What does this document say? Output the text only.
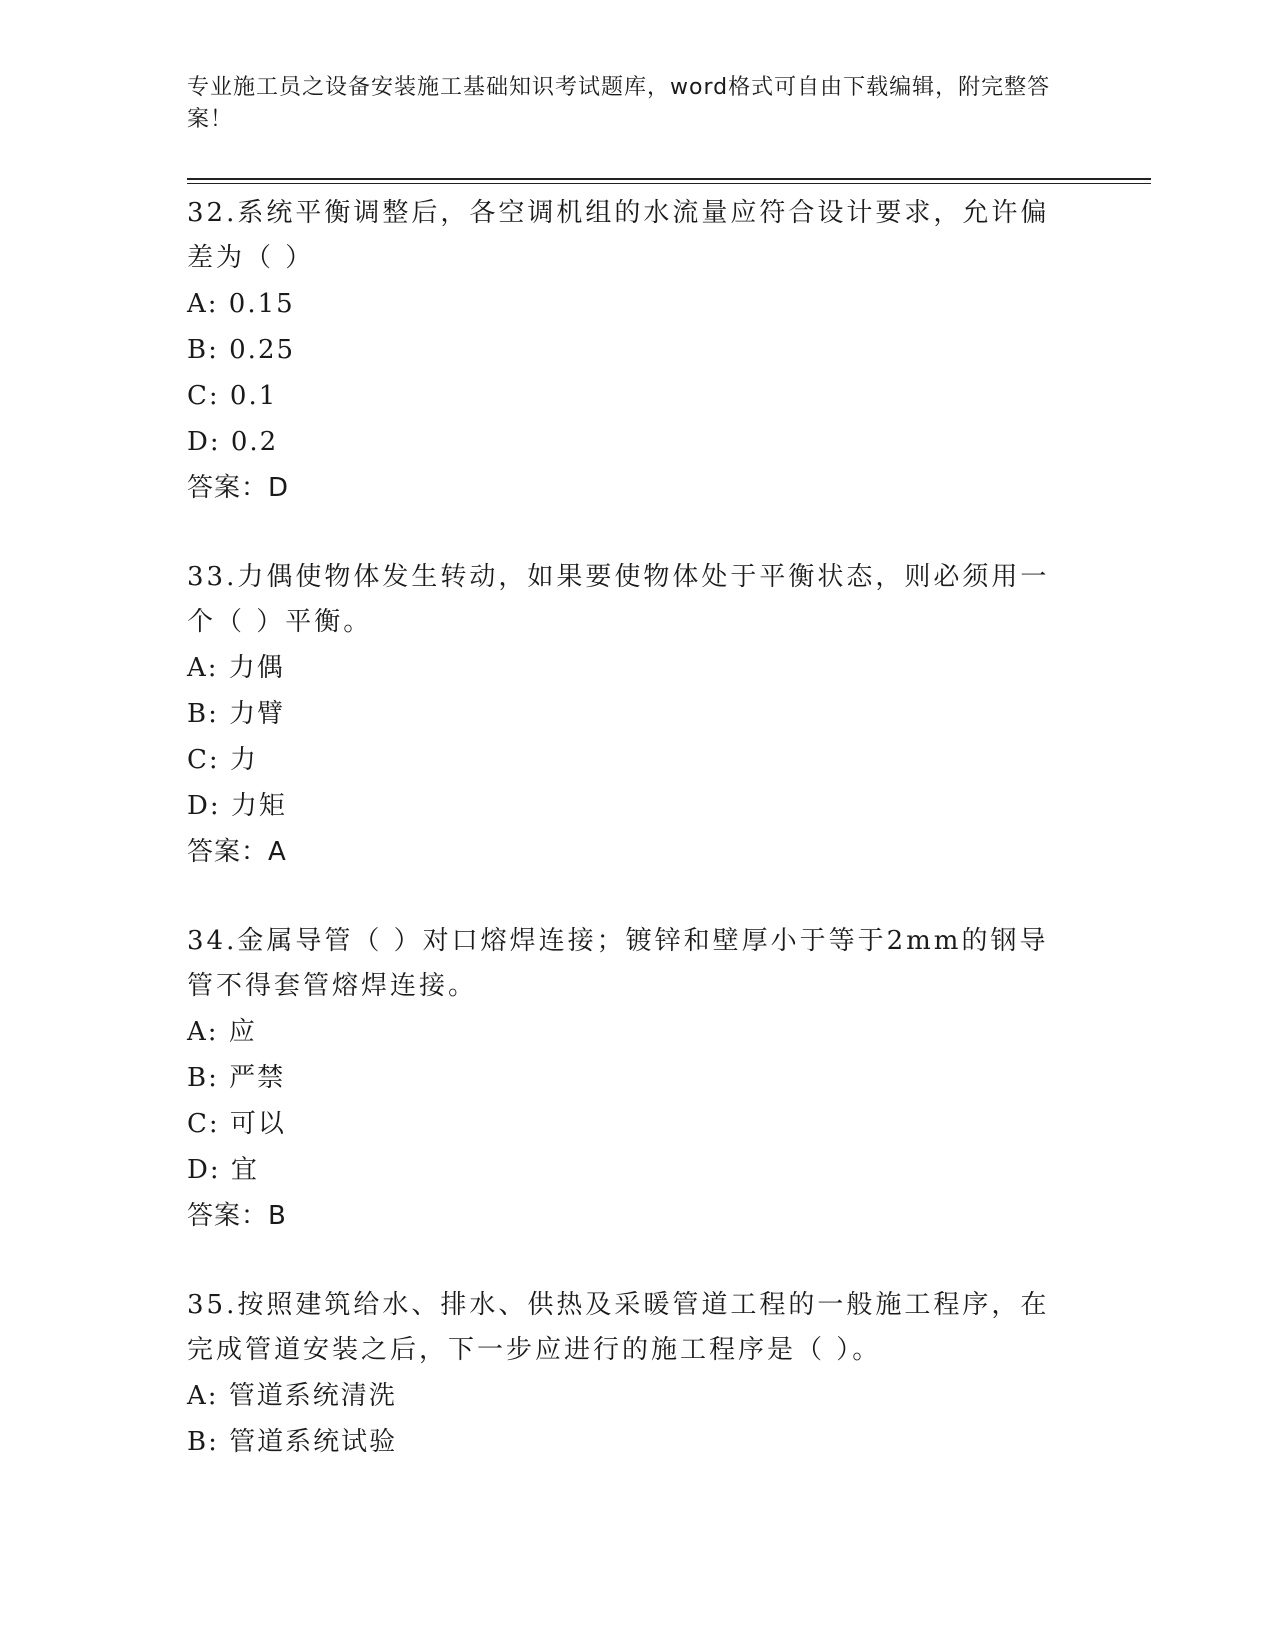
专业施工员之设备安装施工基础知识考试题库，word格式可自由下载编辑，附完整答案！
32.系统平衡调整后，各空调机组的水流量应符合设计要求，允许偏差为（ ）
A: 0.15
B: 0.25
C: 0.1
D: 0.2
答案：D
33.力偶使物体发生转动，如果要使物体处于平衡状态，则必须用一个（ ）平衡。
A: 力偶
B: 力臂
C: 力
D: 力矩
答案：A
34.金属导管（ ）对口熔焊连接；镀锌和壁厚小于等于2mm的钢导管不得套管熔焊连接。
A: 应
B: 严禁
C: 可以
D: 宜
答案：B
35.按照建筑给水、排水、供热及采暖管道工程的一般施工程序，在完成管道安装之后，下一步应进行的施工程序是（ ）。
A: 管道系统清洗
B: 管道系统试验
